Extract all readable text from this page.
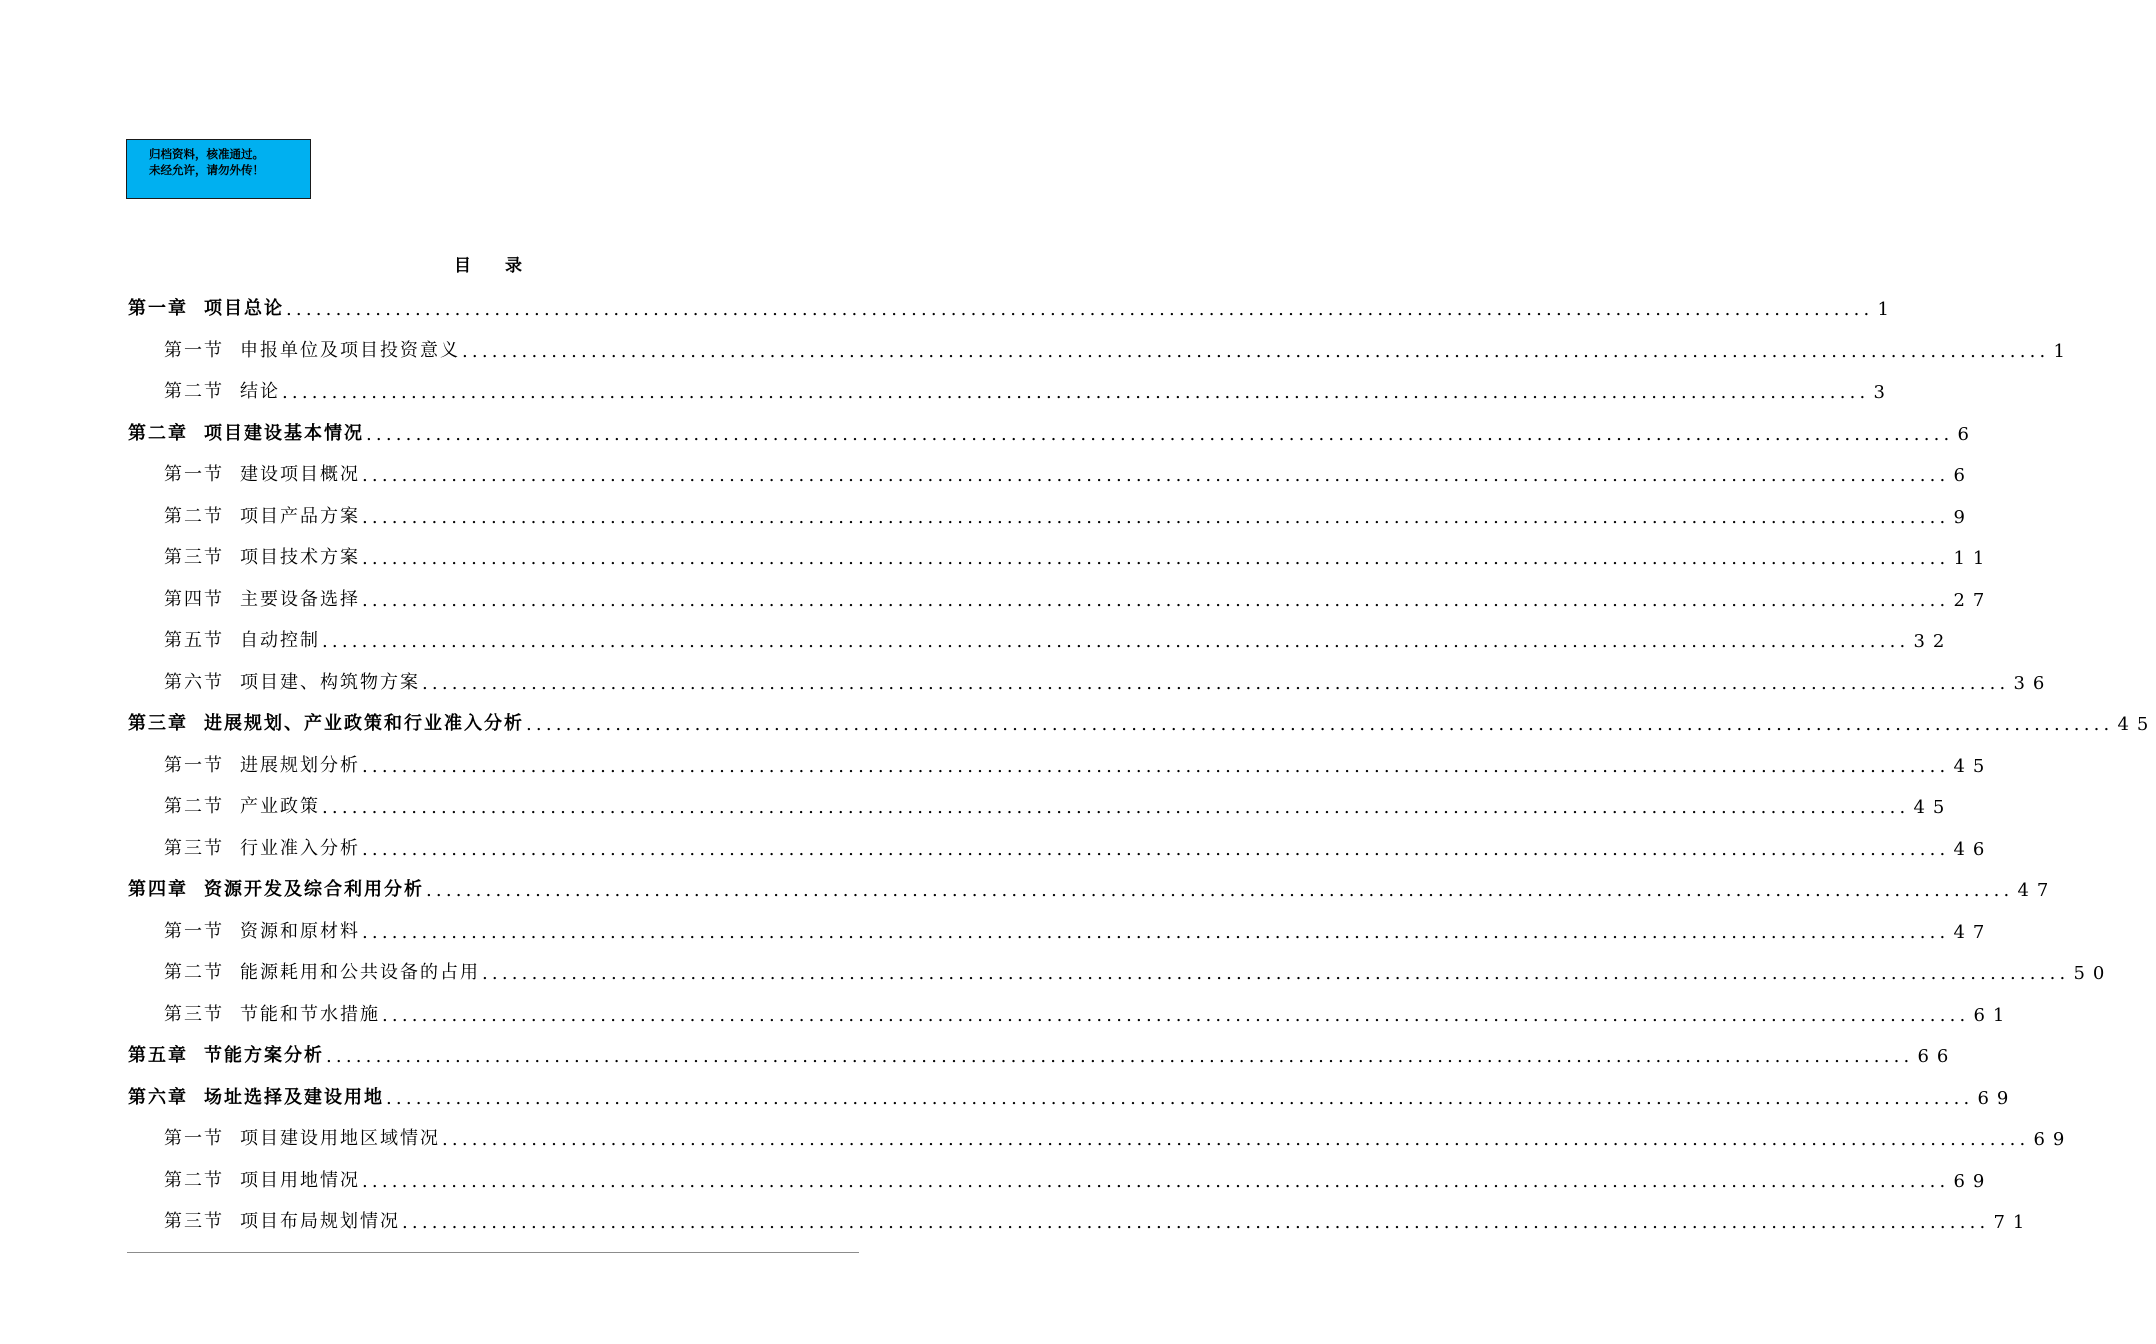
归档资料，核准通过。
未经允许，请勿外传！
目 录
第一章 项目总论 ................................................................................................................................................................ 1
第一节 申报单位及项目投资意义 ................................................................................................................................................................ 1
第二节 结论 ................................................................................................................................................................ 3
第二章 项目建设基本情况 ................................................................................................................................................................ 6
第一节 建设项目概况 ................................................................................................................................................................ 6
第二节 项目产品方案 ................................................................................................................................................................ 9
第三节 项目技术方案 ................................................................................................................................................................ 11
第四节 主要设备选择 ................................................................................................................................................................ 27
第五节 自动控制 ................................................................................................................................................................ 32
第六节 项目建、构筑物方案 ................................................................................................................................................................ 36
第三章 进展规划、产业政策和行业准入分析 ................................................................................................................................................................ 45
第一节 进展规划分析 ................................................................................................................................................................ 45
第二节 产业政策 ................................................................................................................................................................ 45
第三节 行业准入分析 ................................................................................................................................................................ 46
第四章 资源开发及综合利用分析 ................................................................................................................................................................ 47
第一节 资源和原材料 ................................................................................................................................................................ 47
第二节 能源耗用和公共设备的占用 ................................................................................................................................................................ 50
第三节 节能和节水措施 ................................................................................................................................................................ 61
第五章 节能方案分析 ................................................................................................................................................................ 66
第六章 场址选择及建设用地 ................................................................................................................................................................ 69
第一节 项目建设用地区域情况 ................................................................................................................................................................ 69
第二节 项目用地情况 ................................................................................................................................................................ 69
第三节 项目布局规划情况 ................................................................................................................................................................ 71
